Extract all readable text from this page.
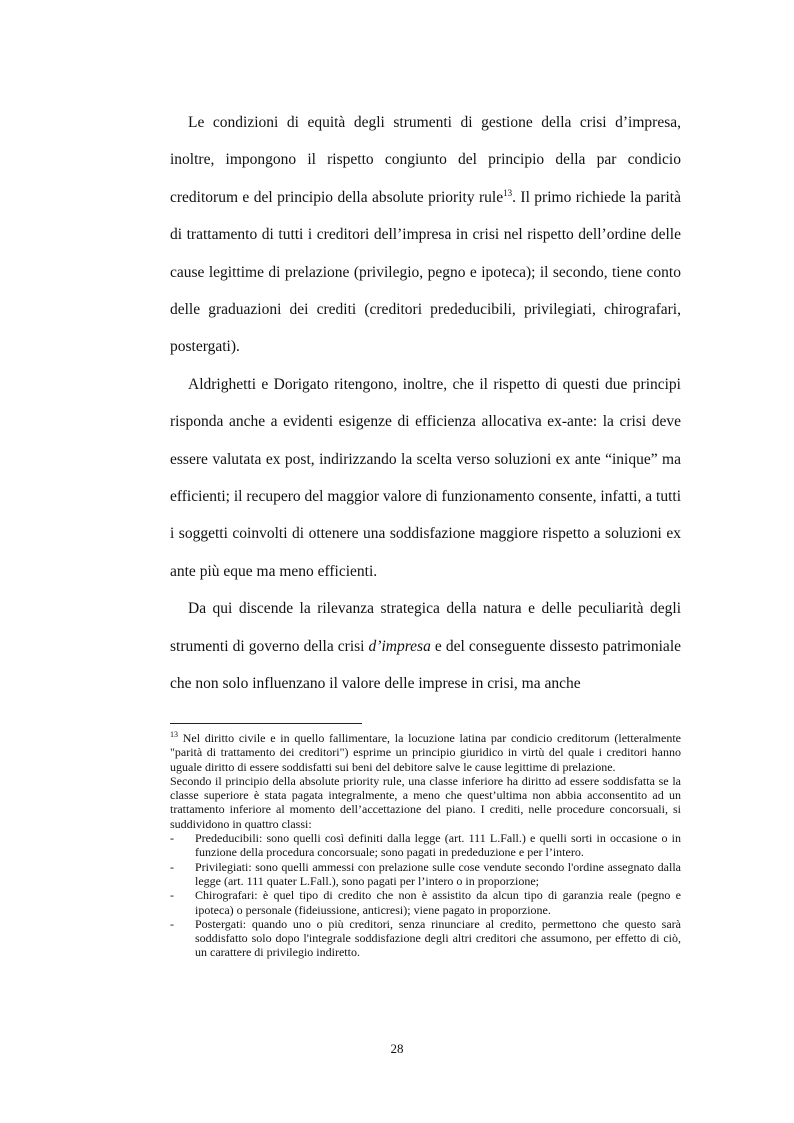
Le condizioni di equità degli strumenti di gestione della crisi d’impresa, inoltre, impongono il rispetto congiunto del principio della par condicio creditorum e del principio della absolute priority rule$^{13}$. Il primo richiede la parità di trattamento di tutti i creditori dell’impresa in crisi nel rispetto dell’ordine delle cause legittime di prelazione (privilegio, pegno e ipoteca); il secondo, tiene conto delle graduazioni dei crediti (creditori prededucibili, privilegiati, chirografari, postergati).

Aldrighetti e Dorigato ritengono, inoltre, che il rispetto di questi due principi risponda anche a evidenti esigenze di efficienza allocativa ex-ante: la crisi deve essere valutata ex post, indirizzando la scelta verso soluzioni ex ante “inique” ma efficienti; il recupero del maggior valore di funzionamento consente, infatti, a tutti i soggetti coinvolti di ottenere una soddisfazione maggiore rispetto a soluzioni ex ante più eque ma meno efficienti.

Da qui discende la rilevanza strategica della natura e delle peculiarità degli strumenti di governo della crisi d’impresa e del conseguente dissesto patrimoniale che non solo influenzano il valore delle imprese in crisi, ma anche

$^{13}$ Nel diritto civile e in quello fallimentare, la locuzione latina par condicio creditorum (letteralmente "parità di trattamento dei creditori") esprime un principio giuridico in virtù del quale i creditori hanno uguale diritto di essere soddisfatti sui beni del debitore salve le cause legittime di prelazione.

Secondo il principio della absolute priority rule, una classe inferiore ha diritto ad essere soddisfatta se la classe superiore è stata pagata integralmente, a meno che quest’ultima non abbia acconsentito ad un trattamento inferiore al momento dell’accettazione del piano. I crediti, nelle procedure concorsuali, si suddividono in quattro classi:

- Prededucibili: sono quelli così definiti dalla legge (art. 111 L.Fall.) e quelli sorti in occasione o in funzione della procedura concorsuale; sono pagati in prededuzione e per l’intero.
- Privilegiati: sono quelli ammessi con prelazione sulle cose vendute secondo l'ordine assegnato dalla legge (art. 111 quater L.Fall.), sono pagati per l’intero o in proporzione;
- Chirografari: è quel tipo di credito che non è assistito da alcun tipo di garanzia reale (pegno e ipoteca) o personale (fideiussione, anticresi); viene pagato in proporzione.
- Postergati: quando uno o più creditori, senza rinunciare al credito, permettono che questo sarà soddisfatto solo dopo l'integrale soddisfazione degli altri creditori che assumono, per effetto di ciò, un carattere di privilegio indiretto.
28
